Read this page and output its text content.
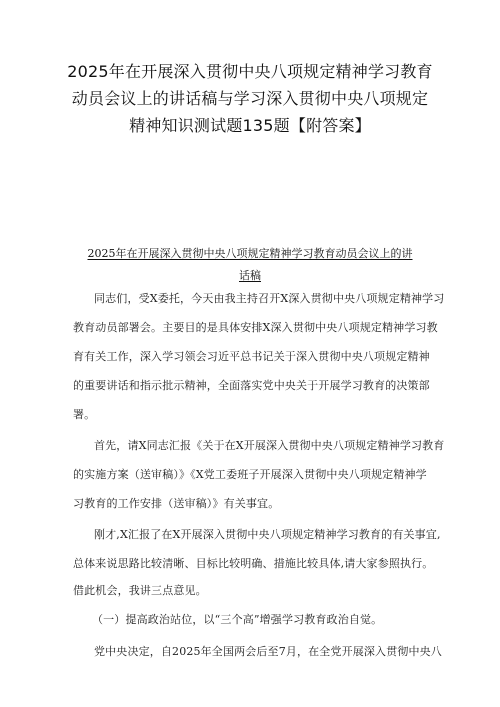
2025年在开展深入贯彻中央八项规定精神学习教育
动员会议上的讲话稿与学习深入贯彻中央八项规定
精神知识测试题135题【附答案】
2025年在开展深入贯彻中央八项规定精神学习教育动员会议上的讲
话稿
同志们，受X委托，今天由我主持召开X深入贯彻中央八项规定精神学习
教育动员部署会。主要目的是具体安排X深入贯彻中央八项规定精神学习教
育有关工作，深入学习领会习近平总书记关于深入贯彻中央八项规定精神
的重要讲话和指示批示精神，全面落实党中央关于开展学习教育的决策部
署。
首先，请X同志汇报《关于在X开展深入贯彻中央八项规定精神学习教育
的实施方案（送审稿）》《X党工委班子开展深入贯彻中央八项规定精神学
习教育的工作安排（送审稿）》有关事宜。
刚才,X汇报了在X开展深入贯彻中央八项规定精神学习教育的有关事宜,
总体来说思路比较清晰、目标比较明确、措施比较具体,请大家参照执行。
借此机会，我讲三点意见。
（一）提高政治站位，以“三个高”增强学习教育政治自觉。
党中央决定，自2025年全国两会后至7月，在全党开展深入贯彻中央八
